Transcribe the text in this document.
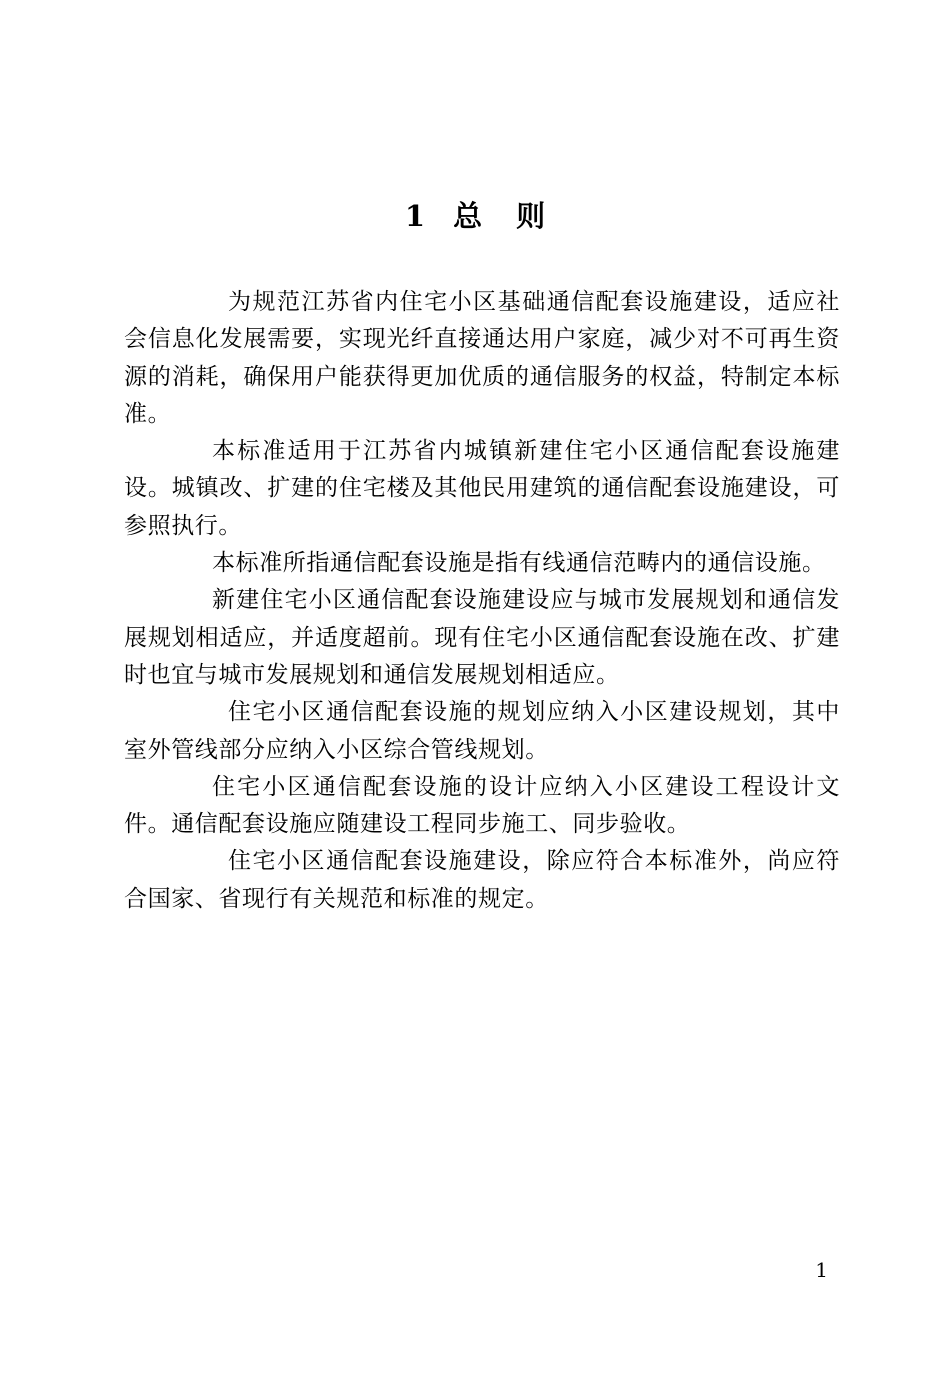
1 总则

为规范江苏省内住宅小区基础通信配套设施建设，适应社会信息化发展需要，实现光纤直接通达用户家庭，减少对不可再生资源的消耗，确保用户能获得更加优质的通信服务的权益，特制定本标准。

本标准适用于江苏省内城镇新建住宅小区通信配套设施建设。城镇改、扩建的住宅楼及其他民用建筑的通信配套设施建设，可参照执行。

本标准所指通信配套设施是指有线通信范畴内的通信设施。

新建住宅小区通信配套设施建设应与城市发展规划和通信发展规划相适应，并适度超前。现有住宅小区通信配套设施在改、扩建时也宜与城市发展规划和通信发展规划相适应。

住宅小区通信配套设施的规划应纳入小区建设规划，其中室外管线部分应纳入小区综合管线规划。

住宅小区通信配套设施的设计应纳入小区建设工程设计文件。通信配套设施应随建设工程同步施工、同步验收。

住宅小区通信配套设施建设，除应符合本标准外，尚应符合国家、省现行有关规范和标准的规定。

1
